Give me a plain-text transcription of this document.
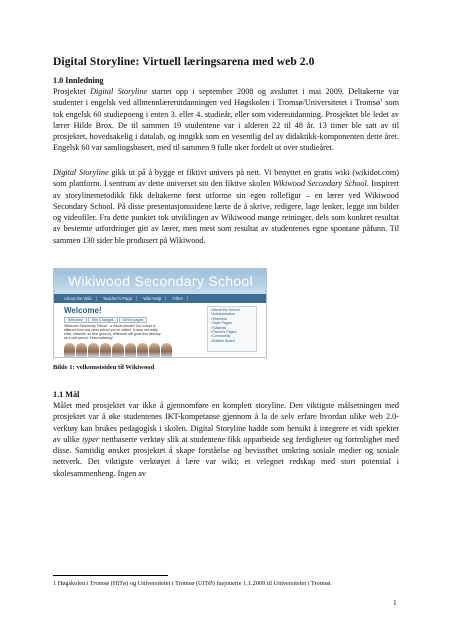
Digital Storyline: Virtuell læringsarena med web 2.0
1.0 Innledning

Prosjektet Digital Storyline startet opp i september 2008 og avsluttet i mai 2009. Deltakerne var studenter i engelsk ved allmennlærerutdanningen ved Høgskolen i Tromsø/Universitetet i Tromsø$^1$ som tok engelsk 60 studiepoeng i enten 3. eller 4. studieår, eller som videreutdanning. Prosjektet ble ledet av lærer Hilde Brox. De til sammen 19 studentene var i alderen 22 til 48 år. 13 timer ble satt av til prosjektet, hovedsakelig i datalab, og inngikk som en vesentlig del av didaktikk-komponenten dette året. Engelsk 60 var samlingsbasert, med til sammen 9 fulle uker fordelt ut over studieåret.

Digital Storyline gikk ut på å bygge et fiktivt univers på nett. Vi benyttet en gratis wiki (wikidot.com) som plattform. I sentrum av dette universet sto den fiktive skolen Wikiwood Secondary School. Inspirert av storylinemetodikk fikk deltakerne først utforme sin egen rollefigur – en lærer ved Wikiwood Secondary School. På disse presentasjonssidene lærte de å skrive, redigere, lage lenker, legge inn bilder og videofiler. Fra dette punktet tok utviklingen av Wikiwood mange retninger, dels som konkret resultat av bestemte utfordringer gitt av lærer, men mest som resultat av studentenes egne spontane påfunn. Til sammen 130 sider ble produsert på Wikiwood.

Wikiwood Secondary School
About the Wiki	Teacher's Page	Wiki Help	Other
Welcome!
Welcome	Site Changes	All the pages
Wikiwood Secondary School - a virtual wonder! Our school is different from any other school you've visited. It does not really exist; however, as time goes by, Wikiwood will grow and develop as a real school. Keep watching!
▪ About the School
▪ Administration
▪ Teachers
▪ Topic Pages
▪ Subjects
▪ Parent's Pages
▪ Community
▪ Bulletin Board
Bilde 1: velkomstsiden til Wikiwood
1.1 Mål

Målet med prosjektet var ikke å gjennomføre en komplett storyline. Den viktigste målsetningen med prosjektet var å øke studentenes IKT-kompetanse gjennom å la de selv erfare hvordan ulike web 2.0-verktøy kan brukes pedagogisk i skolen. Digital Storyline hadde som hensikt å integrere et vidt spekter av ulike typer nettbaserte verktøy slik at studentene fikk opparbeide seg ferdigheter og fortrolighet med disse. Samtidig ønsket prosjektet å skape forståelse og bevissthet omkring sosiale medier og sosiale nettverk. Det viktigste verktøyet å lære var wiki; et velegnet redskap med stort potensial i skolesammenheng. Ingen av

1 Høgskolen i Tromsø (HiTø) og Universitetet i Tromsø (UiTØ) fusjonerte 1.1.2009 til Universitetet i Tromsø.
1
